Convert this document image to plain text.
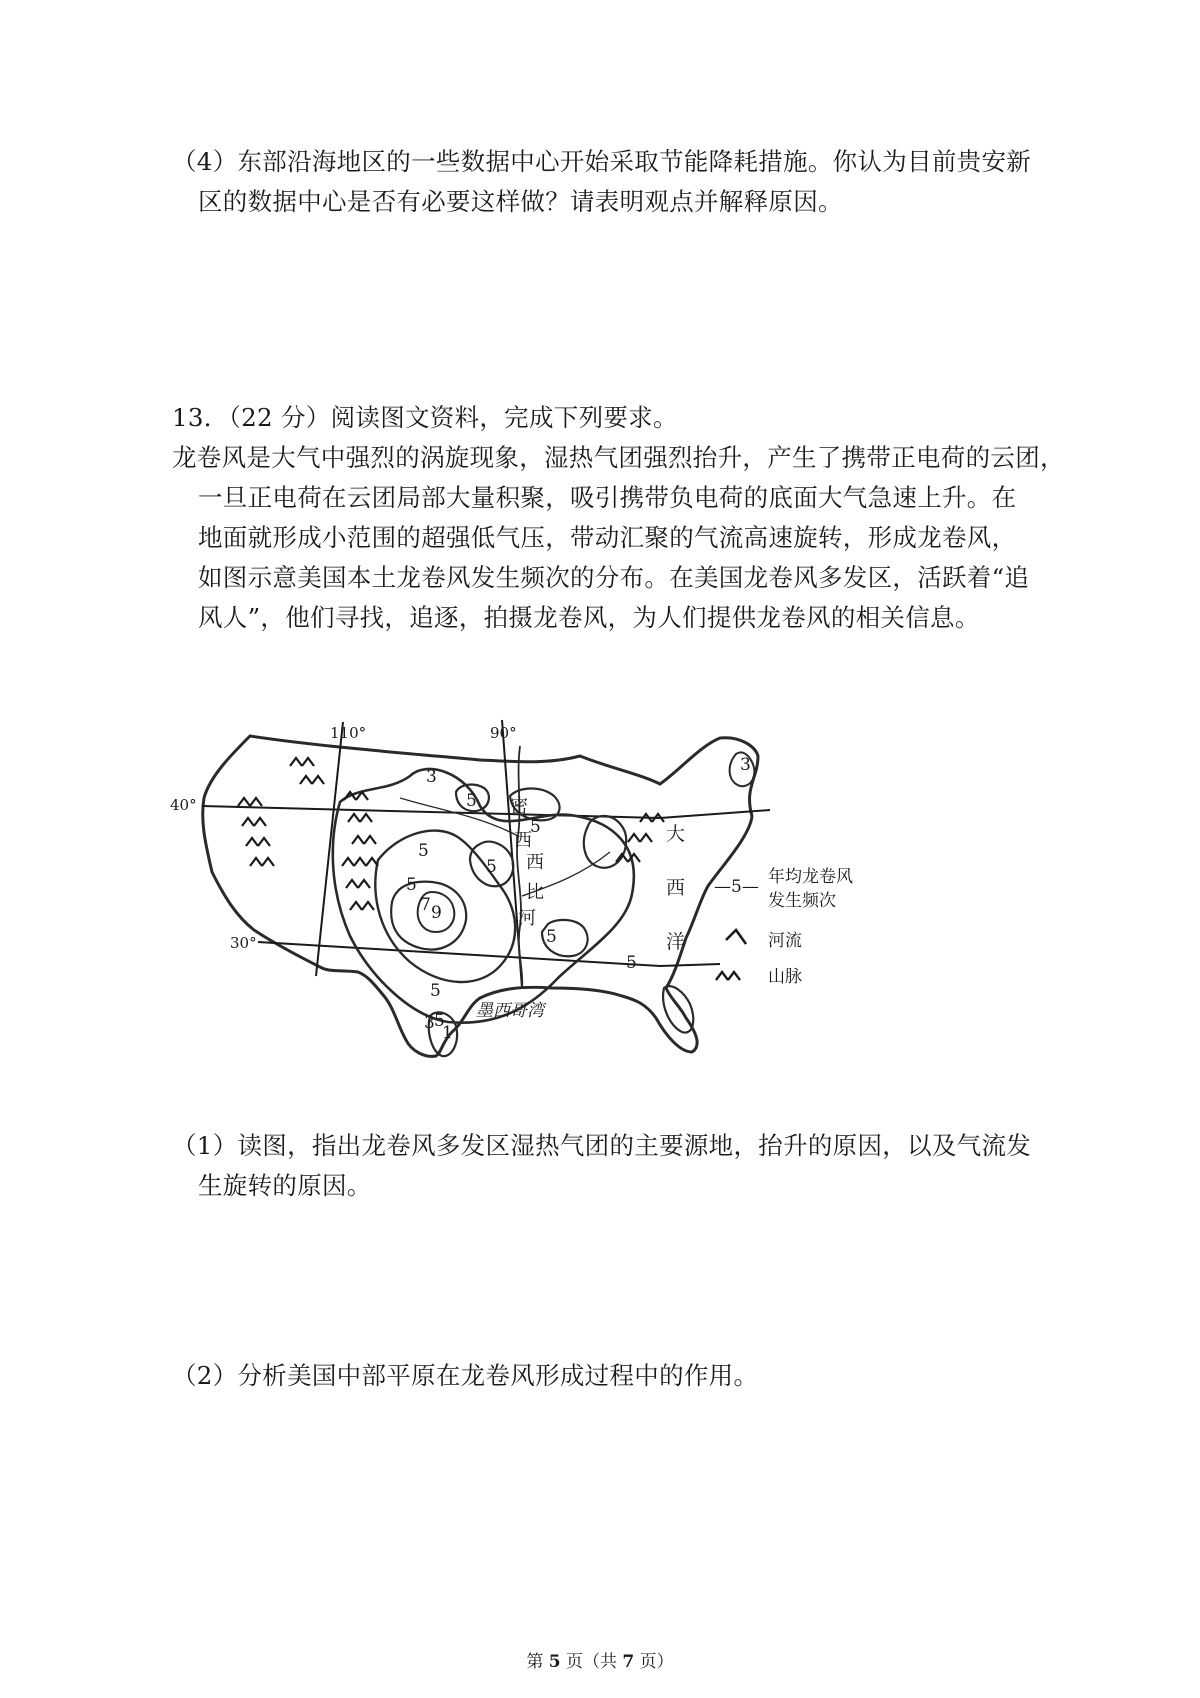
（4）东部沿海地区的一些数据中心开始采取节能降耗措施。你认为目前贵安新
区的数据中心是否有必要这样做？请表明观点并解释原因。
13．（22 分）阅读图文资料，完成下列要求。
龙卷风是大气中强烈的涡旋现象，湿热气团强烈抬升，产生了携带正电荷的云团，
一旦正电荷在云团局部大量积聚，吸引携带负电荷的底面大气急速上升。在
地面就形成小范围的超强低气压，带动汇聚的气流高速旋转，形成龙卷风，
如图示意美国本土龙卷风发生频次的分布。在美国龙卷风多发区，活跃着“追
风人”，他们寻找，追逐，拍摄龙卷风，为人们提供龙卷风的相关信息。
110°	90°
40°
30°
3
5
5
5
5
7 9
5
5
5
3 5
3
1
5
密
西
西
比
河
大
西
洋
墨西哥湾
—5— 年均龙卷风
发生频次
河流
山脉
（1）读图，指出龙卷风多发区湿热气团的主要源地，抬升的原因，以及气流发
生旋转的原因。
（2）分析美国中部平原在龙卷风形成过程中的作用。
第 5 页（共 7 页）
